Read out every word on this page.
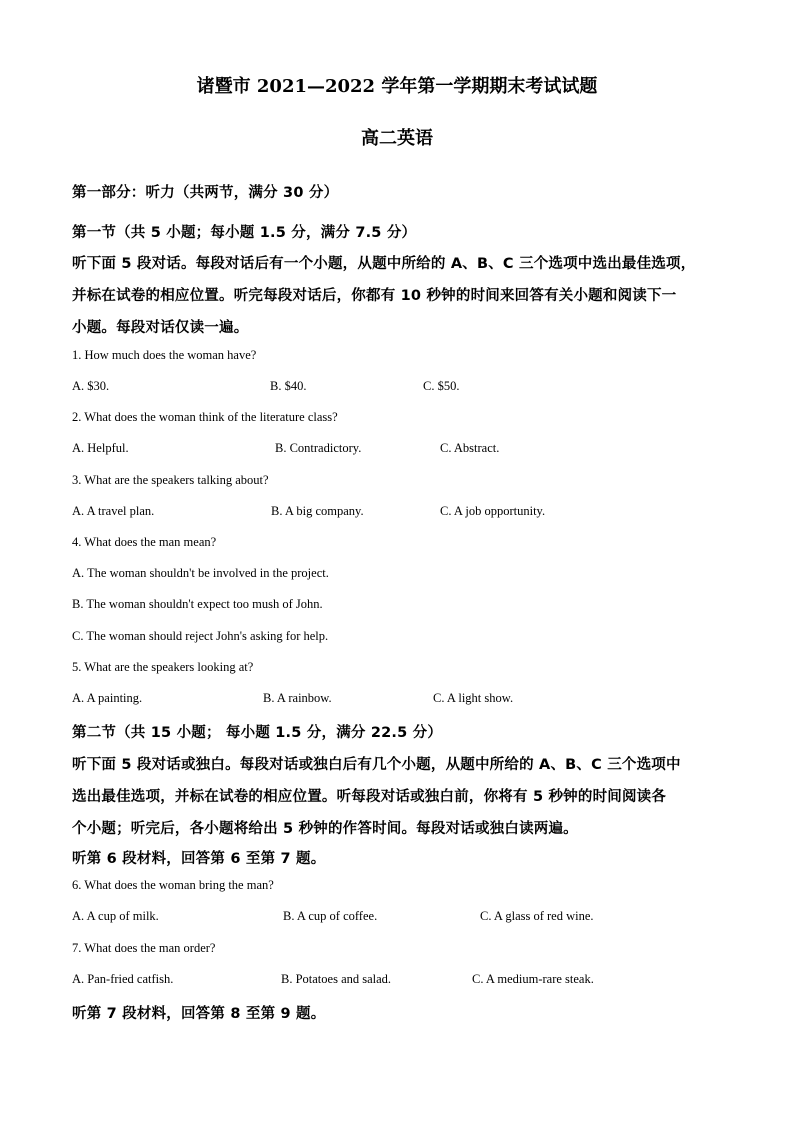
诸暨市 2021—2022 学年第一学期期末考试试题
高二英语
第一部分：听力（共两节，满分 30 分）
第一节（共 5 小题；每小题 1.5 分，满分 7.5 分）
听下面 5 段对话。每段对话后有一个小题，从题中所给的 A、B、C 三个选项中选出最佳选项，
并标在试卷的相应位置。听完每段对话后，你都有 10 秒钟的时间来回答有关小题和阅读下一
小题。每段对话仅读一遍。
1. How much does the woman have?
A. $30.	B. $40.	C. $50.
2. What does the woman think of the literature class?
A. Helpful.	B. Contradictory.	C. Abstract.
3. What are the speakers talking about?
A. A travel plan.	B. A big company.	C. A job opportunity.
4. What does the man mean?
A. The woman shouldn't be involved in the project.
B. The woman shouldn't expect too mush of John.
C. The woman should reject John's asking for help.
5. What are the speakers looking at?
A. A painting.	B. A rainbow.	C. A light show.
第二节（共 15 小题； 每小题 1.5 分，满分 22.5 分）
听下面 5 段对话或独白。每段对话或独白后有几个小题，从题中所给的 A、B、C 三个选项中
选出最佳选项，并标在试卷的相应位置。听每段对话或独白前，你将有 5 秒钟的时间阅读各
个小题；听完后，各小题将给出 5 秒钟的作答时间。每段对话或独白读两遍。
听第 6 段材料，回答第 6 至第 7 题。
6. What does the woman bring the man?
A. A cup of milk.	B. A cup of coffee.	C. A glass of red wine.
7. What does the man order?
A. Pan-fried catfish.	B. Potatoes and salad.	C. A medium-rare steak.
听第 7 段材料，回答第 8 至第 9 题。
